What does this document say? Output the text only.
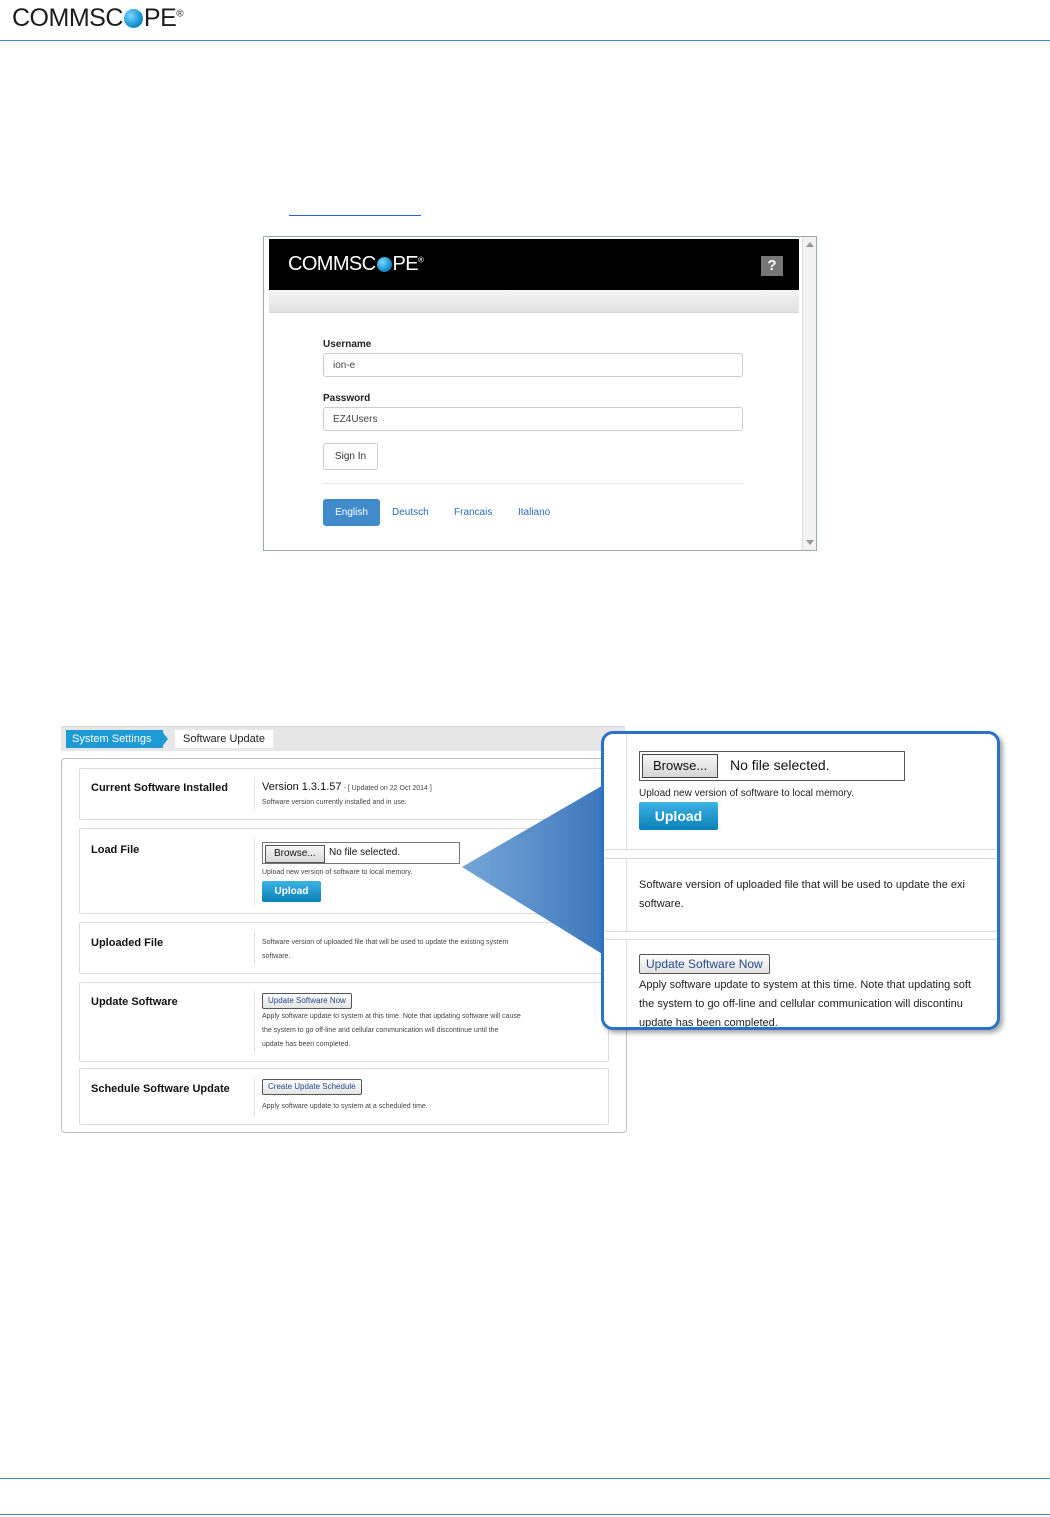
COMMSC PE®
COMMSC PE®	?
Username
ion-e
Password
EZ4Users
Sign In
English	Deutsch	Francais	Italiano
System Settings	Software Update
Current Software Installed	Version 1.3.1.57 - [ Updated on 22 Oct 2014 ]
Software version currently installed and in use.
Load File	Browse...	No file selected.
Upload new version of software to local memory.
Upload
Uploaded File	Software version of uploaded file that will be used to update the existing system
software.
Update Software	Update Software Now
Apply software update to system at this time. Note that updating software will cause
the system to go off-line and cellular communication will discontinue until the
update has been completed.
Schedule Software Update	Create Update Schedule
Apply software update to system at a scheduled time.
Browse...	No file selected.
Upload new version of software to local memory.
Upload
Software version of uploaded file that will be used to update the exi
software.
Update Software Now
Apply software update to system at this time. Note that updating soft
the system to go off-line and cellular communication will discontinu
update has been completed.
